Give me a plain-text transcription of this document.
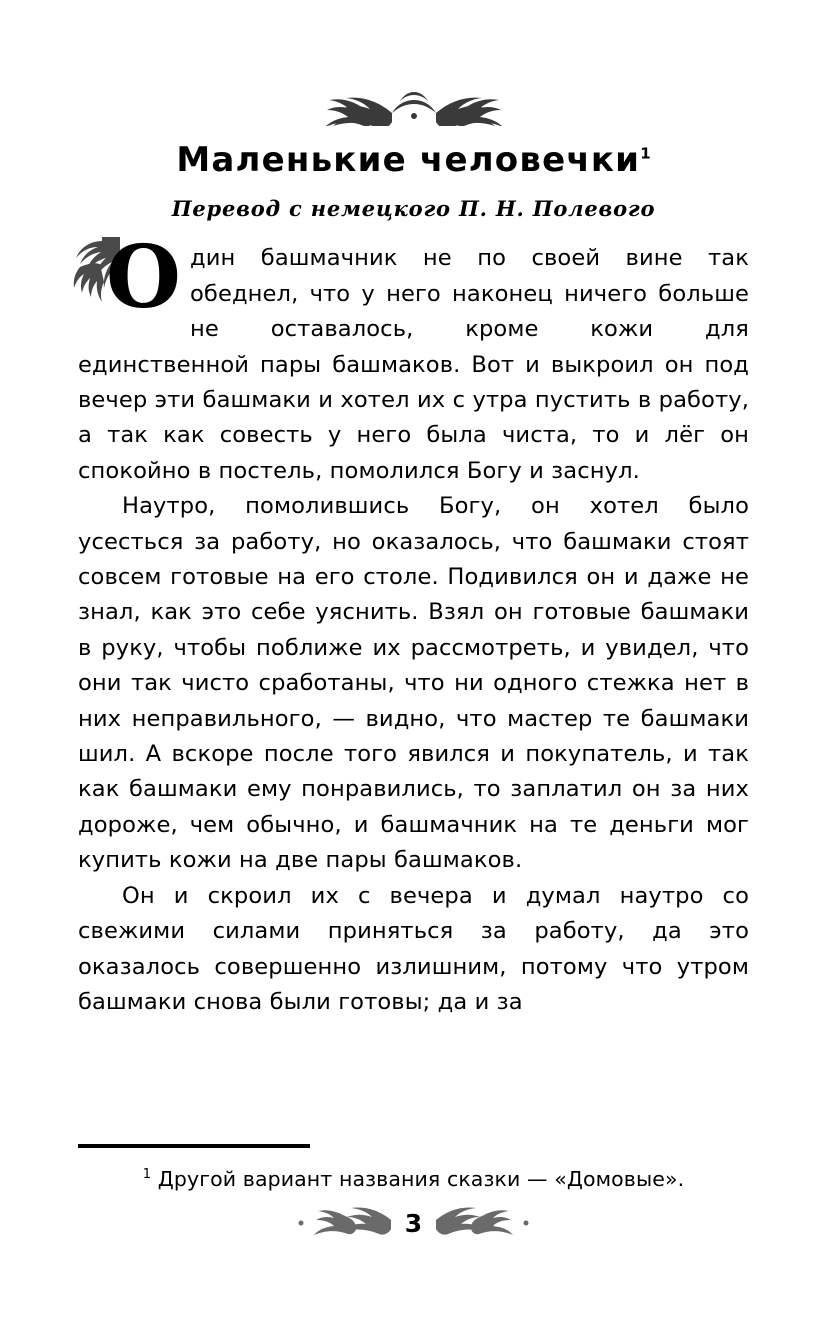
Маленькие человечки$^1$
Перевод с немецкого П. Н. Полевого

О дин башмачник не по своей вине так обеднел, что у него наконец ничего больше не оставалось, кроме кожи для единственной пары башмаков. Вот и выкроил он под вечер эти башмаки и хотел их с утра пустить в работу, а так как совесть у него была чиста, то и лёг он спокойно в постель, помолился Богу и заснул.

Наутро, помолившись Богу, он хотел было усесться за работу, но оказалось, что башмаки стоят совсем готовые на его столе. Подивился он и даже не знал, как это себе уяснить. Взял он готовые башмаки в руку, чтобы поближе их рассмотреть, и увидел, что они так чисто сработаны, что ни одного стежка нет в них неправильного, — видно, что мастер те башмаки шил. А вскоре после того явился и покупатель, и так как башмаки ему понравились, то заплатил он за них дороже, чем обычно, и башмачник на те деньги мог купить кожи на две пары башмаков.

Он и скроил их с вечера и думал наутро со свежими силами приняться за работу, да это оказалось совершенно излишним, потому что утром башмаки снова были готовы; да и за

$^1$ Другой вариант названия сказки — «Домовые».
3
